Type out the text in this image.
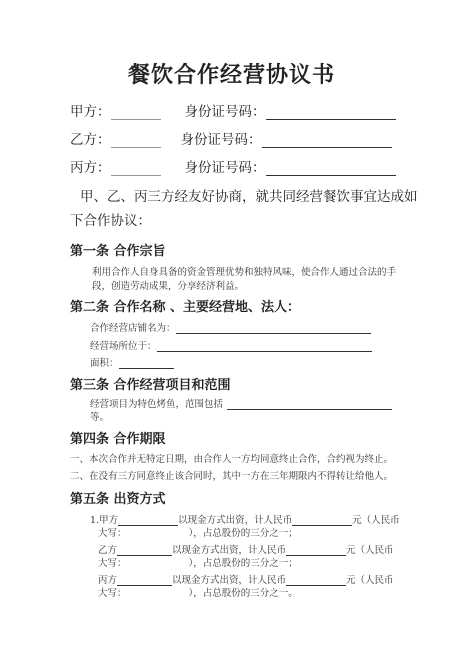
餐饮合作经营协议书
甲方：	身份证号码：
乙方：	身份证号码：
丙方：	身份证号码：
甲、乙、丙三方经友好协商，就共同经营餐饮事宜达成如
下合作协议：
第一条 合作宗旨
利用合作人自身具备的资金管理优势和独特风味，使合作人通过合法的手
段，创造劳动成果，分享经济利益。
第二条 合作名称 、主要经营地、法人：
合作经营店铺名为：
经营场所位于：
面积：
第三条 合作经营项目和范围
经营项目为特色烤鱼，范围包括
等。
第四条 合作期限
一、本次合作并无特定日期，由合作人一方均同意终止合作，合约视为终止。
二、在没有三方同意终止该合同时，其中一方在三年期限内不得转让给他人。
第五条 出资方式
1.甲方	以现金方式出资，计人民币	元（人民币
大写：	），占总股份的三分之一；
乙方	以现金方式出资，计人民币	元（人民币
大写：	），占总股份的三分之一；
丙方	以现金方式出资，计人民币	元（人民币
大写：	），占总股份的三分之一。
